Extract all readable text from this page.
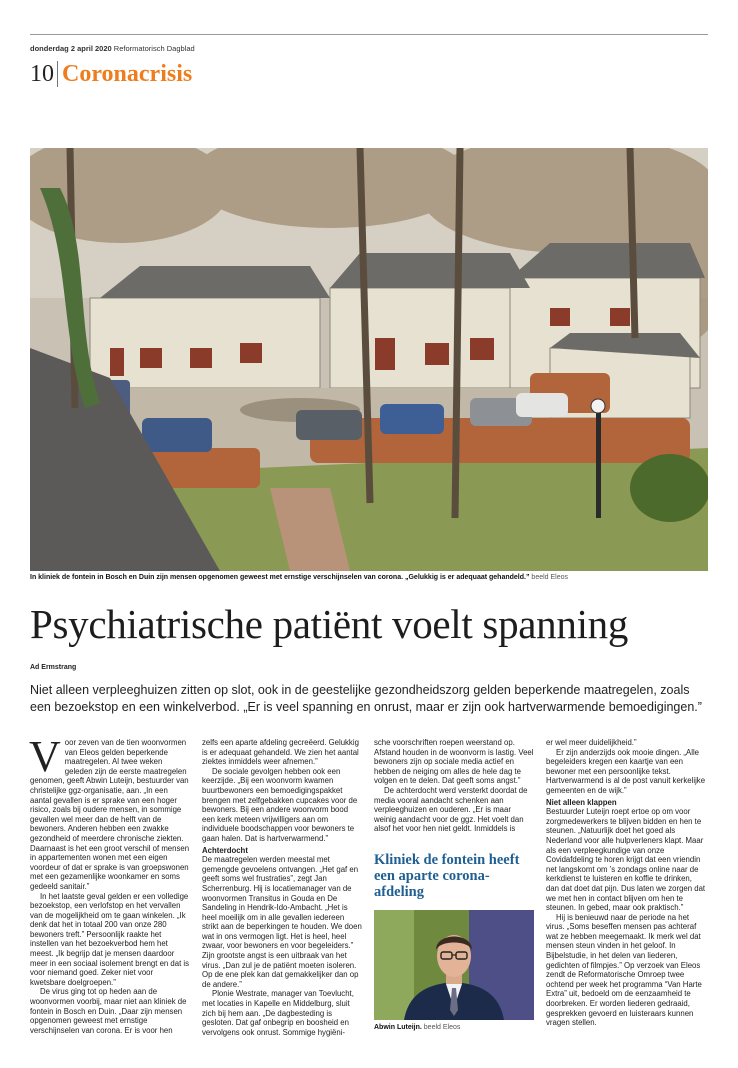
donderdag 2 april 2020 Reformatorisch Dagblad
10 Coronacrisis
In kliniek de fontein in Bosch en Duin zijn mensen opgenomen geweest met ernstige verschijnselen van corona. „Gelukkig is er adequaat gehandeld.” beeld Eleos
Psychiatrische patiënt voelt spanning
Ad Ermstrang

Niet alleen verpleeghuizen zitten op slot, ook in de geestelijke gezondheidszorg gelden beperkende maatregelen, zoals een bezoekstop en een winkelverbod. „Er is veel spanning en onrust, maar er zijn ook hartverwarmende bemoedigingen.”

V oor zeven van de tien woonvormen van Eleos gelden beperkende maatregelen. Al twee weken geleden zijn de eerste maatregelen genomen, geeft Abwin Luteijn, bestuurder van christelijke ggz-organisatie, aan. „In een aantal gevallen is er sprake van een hoger risico, zoals bij oudere mensen, in sommige gevallen wel meer dan de helft van de bewoners. Anderen hebben een zwakke gezondheid of meerdere chronische ziekten. Daarnaast is het een groot verschil of mensen in appartementen wonen met een eigen voordeur of dat er sprake is van groepswonen met een gezamenlijke woonkamer en soms gedeeld sanitair.”

In het laatste geval gelden er een volledige bezoekstop, een verlofstop en het vervallen van de mogelijkheid om te gaan winkelen. „Ik denk dat het in totaal 200 van onze 280 bewoners treft.” Persoonlijk raakte het instellen van het bezoekverbod hem het meest. „Ik begrijp dat je mensen daardoor meer in een sociaal isolement brengt en dat is voor niemand goed. Zeker niet voor kwetsbare doelgroepen.”

De virus ging tot op heden aan de woonvormen voorbij, maar niet aan kliniek de fontein in Bosch en Duin. „Daar zijn mensen opgenomen geweest met ernstige verschijnselen van corona. Er is voor hen

zelfs een aparte afdeling gecreëerd. Gelukkig is er adequaat gehandeld. We zien het aantal ziektes inmiddels weer afnemen.”

De sociale gevolgen hebben ook een keerzijde. „Bij een woonvorm kwamen buurtbewoners een bemoedigingspakket brengen met zelfgebakken cupcakes voor de bewoners. Bij een andere woonvorm bood een kerk meteen vrijwilligers aan om individuele boodschappen voor bewoners te gaan halen. Dat is hartverwarmend.”

Achterdocht

De maatregelen werden meestal met gemengde gevoelens ontvangen. „Het gaf en geeft soms wel frustraties”, zegt Jan Scherrenburg. Hij is locatiemanager van de woonvormen Transitus in Gouda en De Sandeling in Hendrik-Ido-Ambacht. „Het is heel moeilijk om in alle gevallen iedereen strikt aan de beperkingen te houden. We doen wat in ons vermogen ligt. Het is heel, heel zwaar, voor bewoners en voor begeleiders.” Zijn grootste angst is een uitbraak van het virus. „Dan zul je de patiënt moeten isoleren. Op de ene plek kan dat gemakkelijker dan op de andere.”

Plonie Westrate, manager van Toevlucht, met locaties in Kapelle en Middelburg, sluit zich bij hem aan. „De dagbesteding is gesloten. Dat gaf onbegrip en boosheid en vervolgens ook onrust. Sommige hygiëni-

sche voorschriften roepen weerstand op. Afstand houden in de woonvorm is lastig. Veel bewoners zijn op sociale media actief en hebben de neiging om alles de hele dag te volgen en te delen. Dat geeft soms angst.”

De achterdocht werd versterkt doordat de media vooral aandacht schenken aan verpleeghuizen en ouderen. „Er is maar weinig aandacht voor de ggz. Het voelt dan alsof het voor hen niet geldt. Inmiddels is

Kliniek de fontein heeft een aparte corona-afdeling
Abwin Luteijn. beeld Eleos

er wel meer duidelijkheid.”

Er zijn anderzijds ook mooie dingen. „Alle begeleiders kregen een kaartje van een bewoner met een persoonlijke tekst. Hartverwarmend is al de post vanuit kerkelijke gemeenten en de wijk.”

Niet alleen klappen

Bestuurder Luteijn roept ertoe op om voor zorgmedewerkers te blijven bidden en hen te steunen. „Natuurlijk doet het goed als Nederland voor alle hulpverleners klapt. Maar als een verpleegkundige van onze Covidafdeling te horen krijgt dat een vriendin net langskomt om ’s zondags online naar de kerkdienst te luisteren en koffie te drinken, dan dat doet dat pijn. Dus laten we zorgen dat we met hen in contact blijven om hen te steunen. In gebed, maar ook praktisch.”

Hij is benieuwd naar de periode na het virus. „Soms beseffen mensen pas achteraf wat ze hebben meegemaakt. Ik merk wel dat mensen steun vinden in het geloof. In Bijbelstudie, in het delen van liederen, gedichten of filmpjes.” Op verzoek van Eleos zendt de Reformatorische Omroep twee ochtend per week het programma “Van Harte Extra” uit, bedoeld om de eenzaamheid te doorbreken. Er worden liederen gedraaid, gesprekken gevoerd en luisteraars kunnen vragen stellen.
